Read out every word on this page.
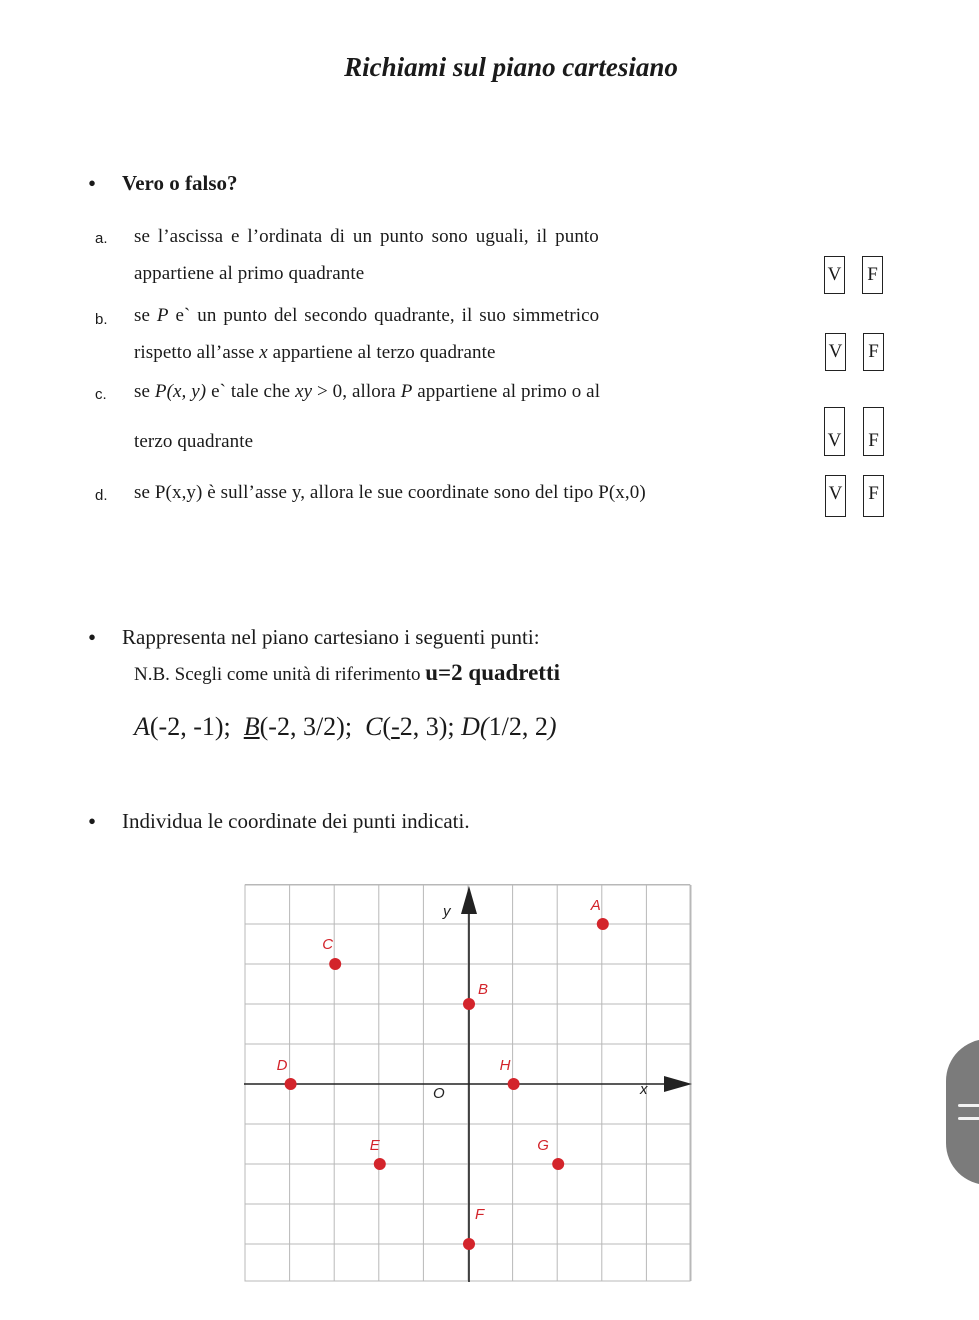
Richiami sul piano cartesiano
• Vero o falso?
a. se l’ascissa e l’ordinata di un punto sono uguali, il punto
appartiene al primo quadrante	V F
b. se P e` un punto del secondo quadrante, il suo simmetrico
rispetto all’asse x appartiene al terzo quadrante	V F
c. se P(x, y) e` tale che xy > 0, allora P appartiene al primo o al
terzo quadrante	V F
d. se P(x,y) è sull’asse y, allora le sue coordinate sono del tipo P(x,0)	V F
• Rappresenta nel piano cartesiano i seguenti punti:
N.B. Scegli come unità di riferimento u=2 quadretti
A(-2, -1); B(-2, 3/2); C(-2, 3); D(1/2, 2)
• Individua le coordinate dei punti indicati.
x
y
O
A
B
C
D
E
F
G
H
